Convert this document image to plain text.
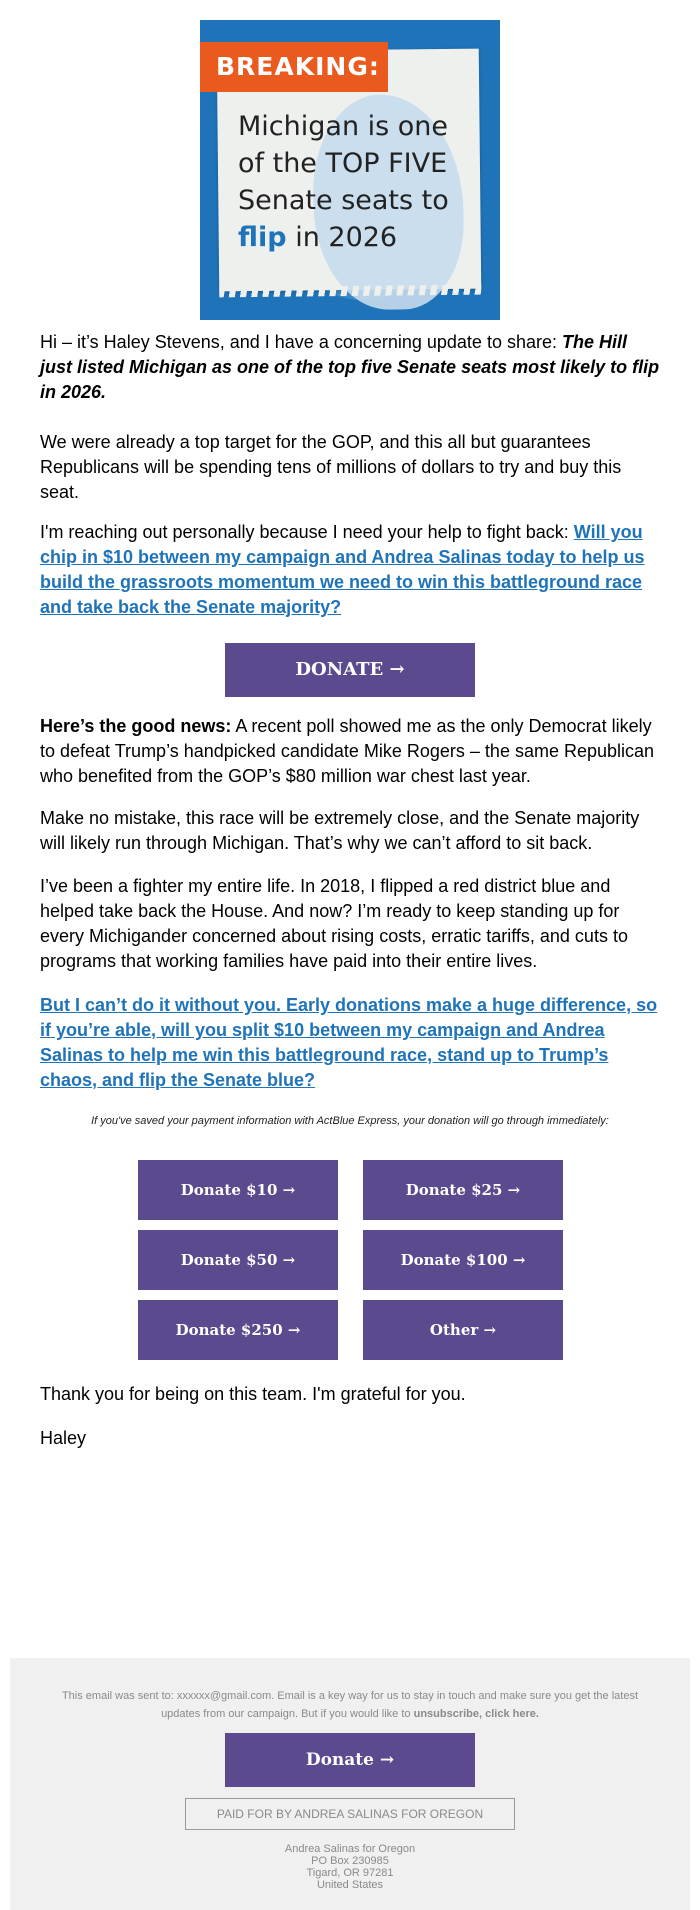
BREAKING:
Michigan is one
of the TOP FIVE
Senate seats to
flip in 2026

Hi – it’s Haley Stevens, and I have a concerning update to share: The Hill just listed Michigan as one of the top five Senate seats most likely to flip in 2026.

We were already a top target for the GOP, and this all but guarantees Republicans will be spending tens of millions of dollars to try and buy this seat.

I'm reaching out personally because I need your help to fight back: Will you chip in $10 between my campaign and Andrea Salinas today to help us build the grassroots momentum we need to win this battleground race and take back the Senate majority?

DONATE →

Here’s the good news: A recent poll showed me as the only Democrat likely to defeat Trump’s handpicked candidate Mike Rogers – the same Republican who benefited from the GOP’s $80 million war chest last year.

Make no mistake, this race will be extremely close, and the Senate majority will likely run through Michigan. That’s why we can’t afford to sit back.

I’ve been a fighter my entire life. In 2018, I flipped a red district blue and helped take back the House. And now? I’m ready to keep standing up for every Michigander concerned about rising costs, erratic tariffs, and cuts to programs that working families have paid into their entire lives.

But I can’t do it without you. Early donations make a huge difference, so if you’re able, will you split $10 between my campaign and Andrea Salinas to help me win this battleground race, stand up to Trump’s chaos, and flip the Senate blue?

If you've saved your payment information with ActBlue Express, your donation will go through immediately:
Donate $10 →	Donate $25 →
Donate $50 →	Donate $100 →
Donate $250 →	Other →

Thank you for being on this team. I'm grateful for you.

Haley

This email was sent to: xxxxxx@gmail.com. Email is a key way for us to stay in touch and make sure you get the latest updates from our campaign. But if you would like to unsubscribe, click here.
Donate →
PAID FOR BY ANDREA SALINAS FOR OREGON
Andrea Salinas for Oregon
PO Box 230985
Tigard, OR 97281
United States
